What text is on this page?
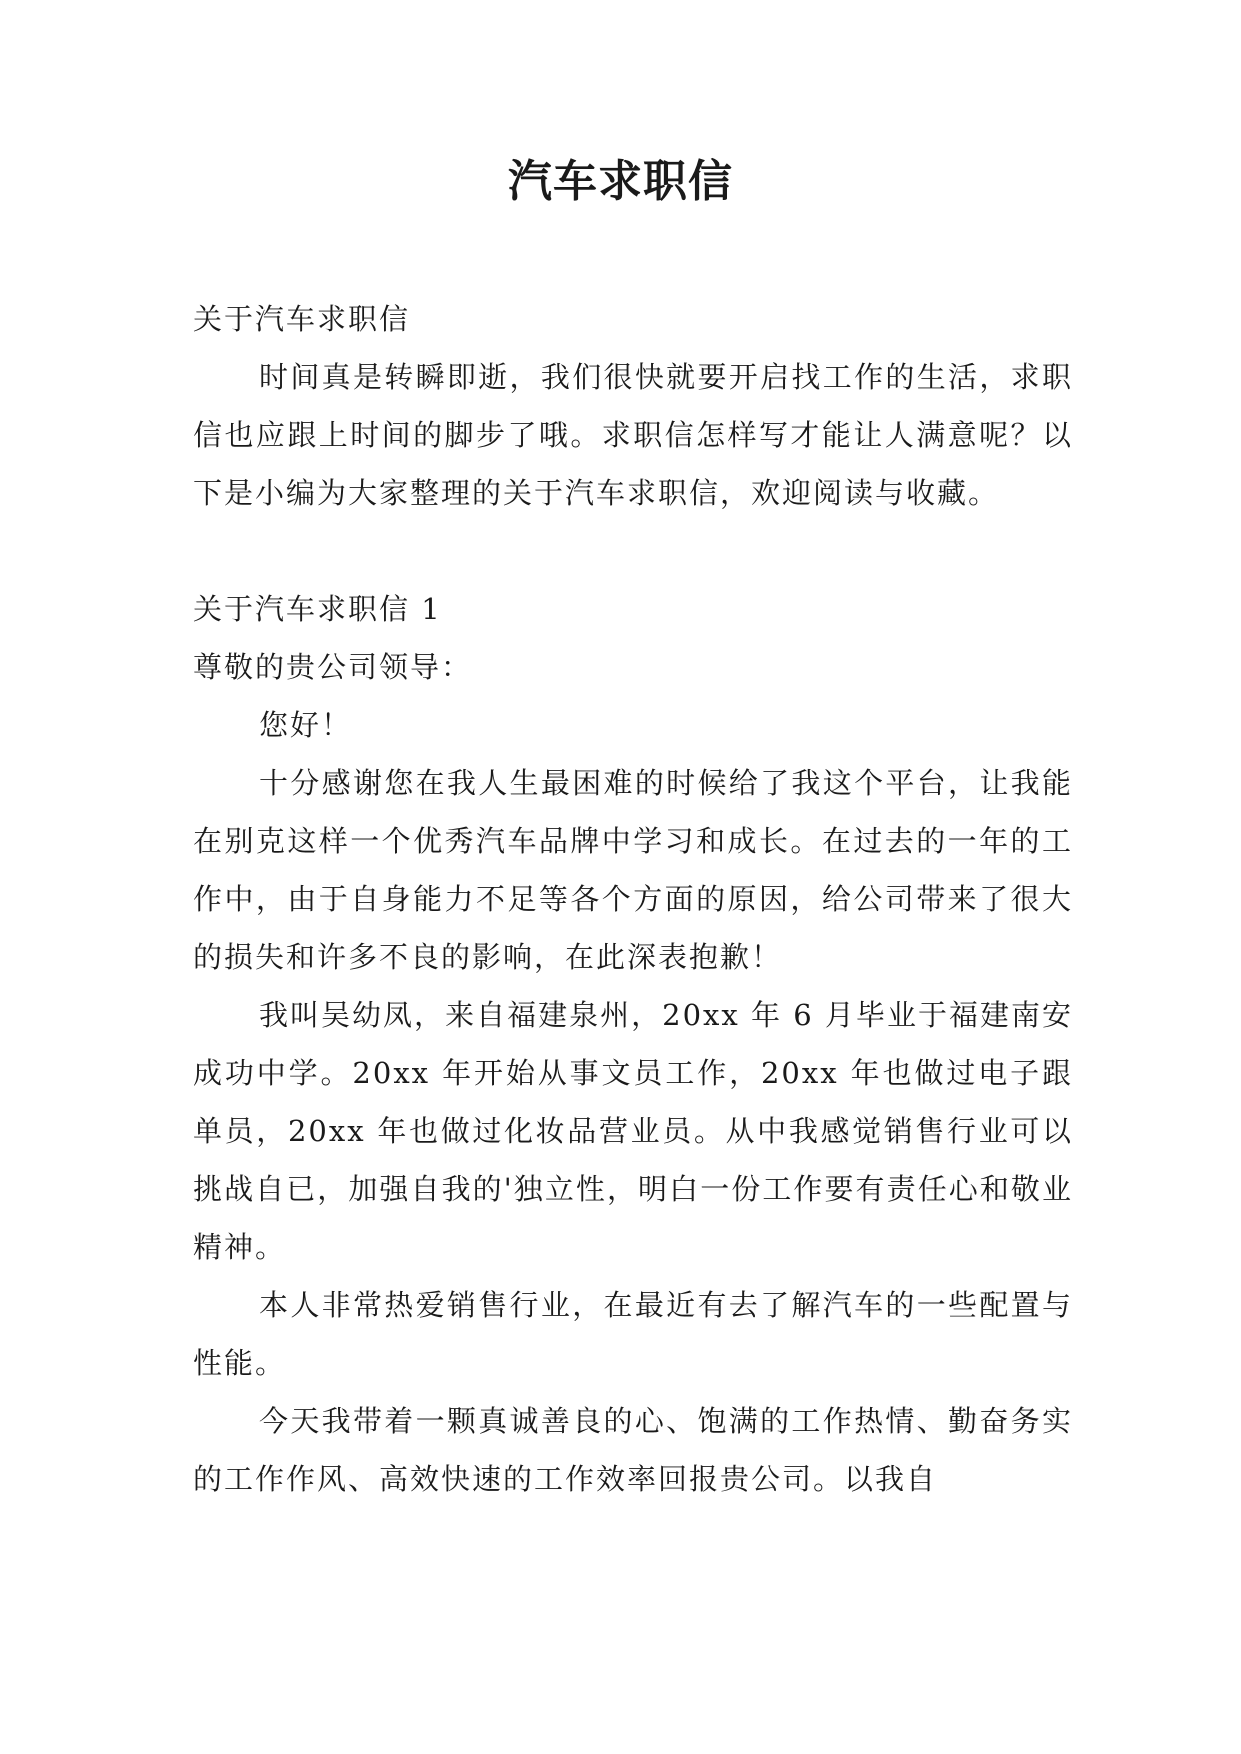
汽车求职信

关于汽车求职信

时间真是转瞬即逝，我们很快就要开启找工作的生活，求职信也应跟上时间的脚步了哦。求职信怎样写才能让人满意呢？以下是小编为大家整理的关于汽车求职信，欢迎阅读与收藏。

关于汽车求职信 1

尊敬的贵公司领导：

您好！

十分感谢您在我人生最困难的时候给了我这个平台，让我能在别克这样一个优秀汽车品牌中学习和成长。在过去的一年的工作中，由于自身能力不足等各个方面的原因，给公司带来了很大的损失和许多不良的影响，在此深表抱歉！

我叫吴幼凤，来自福建泉州，20xx 年 6 月毕业于福建南安成功中学。20xx 年开始从事文员工作，20xx 年也做过电子跟单员，20xx 年也做过化妆品营业员。从中我感觉销售行业可以挑战自已，加强自我的'独立性，明白一份工作要有责任心和敬业精神。

本人非常热爱销售行业，在最近有去了解汽车的一些配置与性能。

今天我带着一颗真诚善良的心、饱满的工作热情、勤奋务实的工作作风、高效快速的工作效率回报贵公司。以我自
